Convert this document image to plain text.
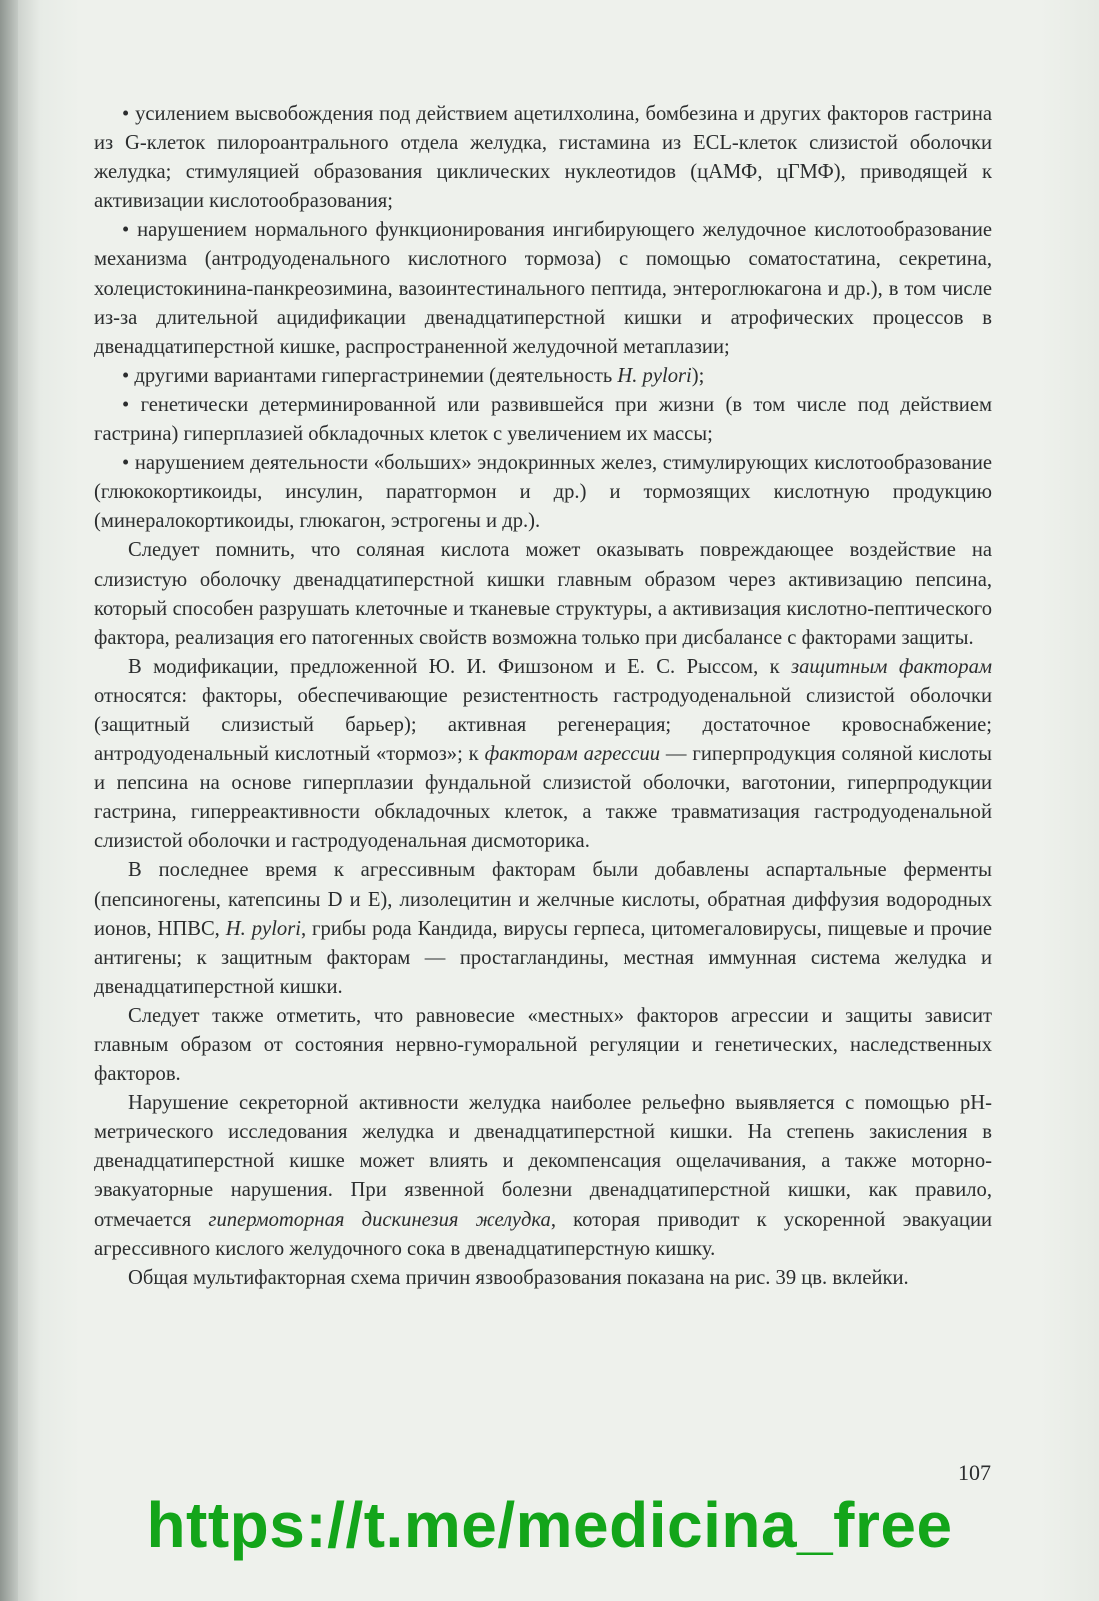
• усилением высвобождения под действием ацетилхолина, бомбезина и других факторов гастрина из G-клеток пилороантрального отдела желудка, гистамина из ECL-клеток слизистой оболочки желудка; стимуляцией образования циклических нуклеотидов (цАМФ, цГМФ), приводящей к активизации кислотообразования;

• нарушением нормального функционирования ингибирующего желудочное кислотообразование механизма (антродуоденального кислотного тормоза) с помощью соматостатина, секретина, холецистокинина-панкреозимина, вазоинтестинального пептида, энтероглюкагона и др.), в том числе из-за длительной ацидификации двенадцатиперстной кишки и атрофических процессов в двенадцатиперстной кишке, распространенной желудочной метаплазии;

• другими вариантами гипергастринемии (деятельность H. pylori);

• генетически детерминированной или развившейся при жизни (в том числе под действием гастрина) гиперплазией обкладочных клеток с увеличением их массы;

• нарушением деятельности «больших» эндокринных желез, стимулирующих кислотообразование (глюкокортикоиды, инсулин, паратгормон и др.) и тормозящих кислотную продукцию (минералокортикоиды, глюкагон, эстрогены и др.).

Следует помнить, что соляная кислота может оказывать повреждающее воздействие на слизистую оболочку двенадцатиперстной кишки главным образом через активизацию пепсина, который способен разрушать клеточные и тканевые структуры, а активизация кислотно-пептического фактора, реализация его патогенных свойств возможна только при дисбалансе с факторами защиты.

В модификации, предложенной Ю. И. Фишзоном и Е. С. Рыссом, к защитным факторам относятся: факторы, обеспечивающие резистентность гастродуоденальной слизистой оболочки (защитный слизистый барьер); активная регенерация; достаточное кровоснабжение; антродуоденальный кислотный «тормоз»; к факторам агрессии — гиперпродукция соляной кислоты и пепсина на основе гиперплазии фундальной слизистой оболочки, ваготонии, гиперпродукции гастрина, гиперреактивности обкладочных клеток, а также травматизация гастродуоденальной слизистой оболочки и гастродуоденальная дисмоторика.

В последнее время к агрессивным факторам были добавлены аспартальные ферменты (пепсиногены, катепсины D и E), лизолецитин и желчные кислоты, обратная диффузия водородных ионов, НПВС, H. pylori, грибы рода Кандида, вирусы герпеса, цитомегаловирусы, пищевые и прочие антигены; к защитным факторам — простагландины, местная иммунная система желудка и двенадцатиперстной кишки.

Следует также отметить, что равновесие «местных» факторов агрессии и защиты зависит главным образом от состояния нервно-гуморальной регуляции и генетических, наследственных факторов.

Нарушение секреторной активности желудка наиболее рельефно выявляется с помощью pH-метрического исследования желудка и двенадцатиперстной кишки. На степень закисления в двенадцатиперстной кишке может влиять и декомпенсация ощелачивания, а также моторно-эвакуаторные нарушения. При язвенной болезни двенадцатиперстной кишки, как правило, отмечается гипермоторная дискинезия желудка, которая приводит к ускоренной эвакуации агрессивного кислого желудочного сока в двенадцатиперстную кишку.

Общая мультифакторная схема причин язвообразования показана на рис. 39 цв. вклейки.

107
https://t.me/medicina_free
